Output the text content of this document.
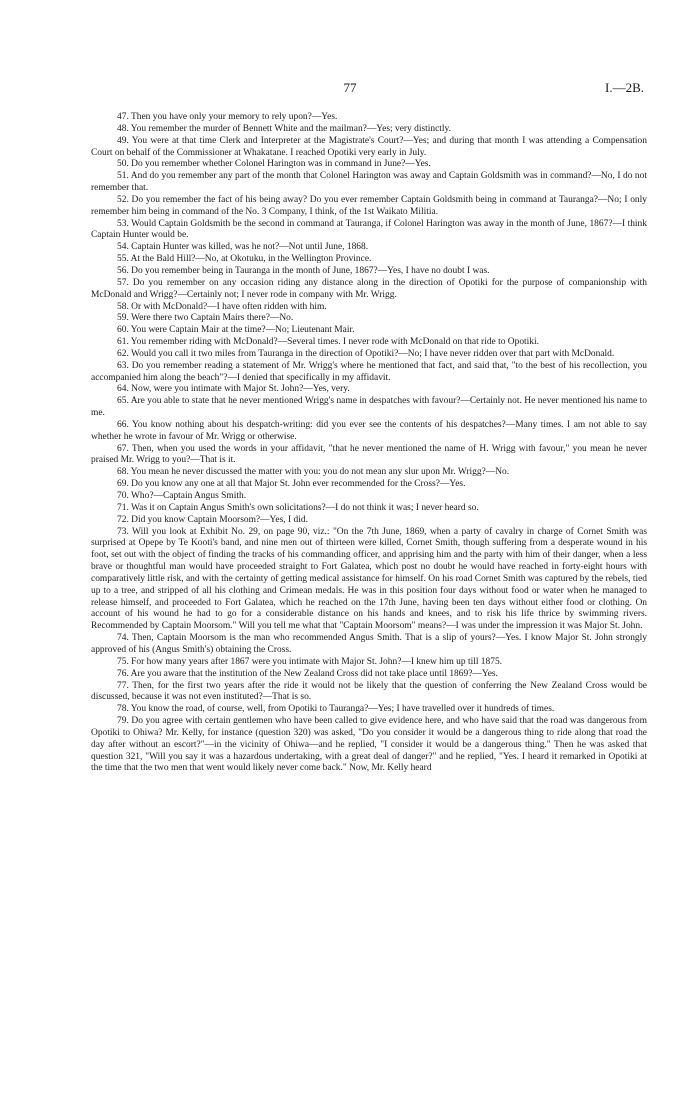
77	I.—2B.

47. Then you have only your memory to rely upon?—Yes.

48. You remember the murder of Bennett White and the mailman?—Yes; very distinctly.

49. You were at that time Clerk and Interpreter at the Magistrate's Court?—Yes; and during that month I was attending a Compensation Court on behalf of the Commissioner at Whakatane. I reached Opotiki very early in July.

50. Do you remember whether Colonel Harington was in command in June?—Yes.

51. And do you remember any part of the month that Colonel Harington was away and Captain Goldsmith was in command?—No, I do not remember that.

52. Do you remember the fact of his being away? Do you ever remember Captain Goldsmith being in command at Tauranga?—No; I only remember him being in command of the No. 3 Company, I think, of the 1st Waikato Militia.

53. Would Captain Goldsmith be the second in command at Tauranga, if Colonel Harington was away in the month of June, 1867?—I think Captain Hunter would be.

54. Captain Hunter was killed, was he not?—Not until June, 1868.

55. At the Bald Hill?—No, at Okotuku, in the Wellington Province.

56. Do you remember being in Tauranga in the month of June, 1867?—Yes, I have no doubt I was.

57. Do you remember on any occasion riding any distance along in the direction of Opotiki for the purpose of companionship with McDonald and Wrigg?—Certainly not; I never rode in company with Mr. Wrigg.

58. Or with McDonald?—I have often ridden with him.

59. Were there two Captain Mairs there?—No.

60. You were Captain Mair at the time?—No; Lieutenant Mair.

61. You remember riding with McDonald?—Several times. I never rode with McDonald on that ride to Opotiki.

62. Would you call it two miles from Tauranga in the direction of Opotiki?—No; I have never ridden over that part with McDonald.

63. Do you remember reading a statement of Mr. Wrigg's where he mentioned that fact, and said that, "to the best of his recollection, you accompanied him along the beach"?—I denied that specifically in my affidavit.

64. Now, were you intimate with Major St. John?—Yes, very.

65. Are you able to state that he never mentioned Wrigg's name in despatches with favour?—Certainly not. He never mentioned his name to me.

66. You know nothing about his despatch-writing: did you ever see the contents of his despatches?—Many times. I am not able to say whether he wrote in favour of Mr. Wrigg or otherwise.

67. Then, when you used the words in your affidavit, "that he never mentioned the name of H. Wrigg with favour," you mean he never praised Mr. Wrigg to you?—That is it.

68. You mean he never discussed the matter with you: you do not mean any slur upon Mr. Wrigg?—No.

69. Do you know any one at all that Major St. John ever recommended for the Cross?—Yes.

70. Who?—Captain Angus Smith.

71. Was it on Captain Angus Smith's own solicitations?—I do not think it was; I never heard so.

72. Did you know Captain Moorsom?—Yes, I did.

73. Will you look at Exhibit No. 29, on page 90, viz.: "On the 7th June, 1869, when a party of cavalry in charge of Cornet Smith was surprised at Opepe by Te Kooti's band, and nine men out of thirteen were killed, Cornet Smith, though suffering from a desperate wound in his foot, set out with the object of finding the tracks of his commanding officer, and apprising him and the party with him of their danger, when a less brave or thoughtful man would have proceeded straight to Fort Galatea, which post no doubt he would have reached in forty-eight hours with comparatively little risk, and with the certainty of getting medical assistance for himself. On his road Cornet Smith was captured by the rebels, tied up to a tree, and stripped of all his clothing and Crimean medals. He was in this position four days without food or water when he managed to release himself, and proceeded to Fort Galatea, which he reached on the 17th June, having been ten days without either food or clothing. On account of his wound he had to go for a considerable distance on his hands and knees, and to risk his life thrice by swimming rivers. Recommended by Captain Moorsom." Will you tell me what that "Captain Moorsom" means?—I was under the impression it was Major St. John.

74. Then, Captain Moorsom is the man who recommended Angus Smith. That is a slip of yours?—Yes. I know Major St. John strongly approved of his (Angus Smith's) obtaining the Cross.

75. For how many years after 1867 were you intimate with Major St. John?—I knew him up till 1875.

76. Are you aware that the institution of the New Zealand Cross did not take place until 1869?—Yes.

77. Then, for the first two years after the ride it would not be likely that the question of conferring the New Zealand Cross would be discussed, because it was not even instituted?—That is so.

78. You know the road, of course, well, from Opotiki to Tauranga?—Yes; I have travelled over it hundreds of times.

79. Do you agree with certain gentlemen who have been called to give evidence here, and who have said that the road was dangerous from Opotiki to Ohiwa? Mr. Kelly, for instance (question 320) was asked, "Do you consider it would be a dangerous thing to ride along that road the day after without an escort?"—in the vicinity of Ohiwa—and he replied, "I consider it would be a dangerous thing." Then he was asked that question 321, "Will you say it was a hazardous undertaking, with a great deal of danger?" and he replied, "Yes. I heard it remarked in Opotiki at the time that the two men that went would likely never come back." Now, Mr. Kelly heard
